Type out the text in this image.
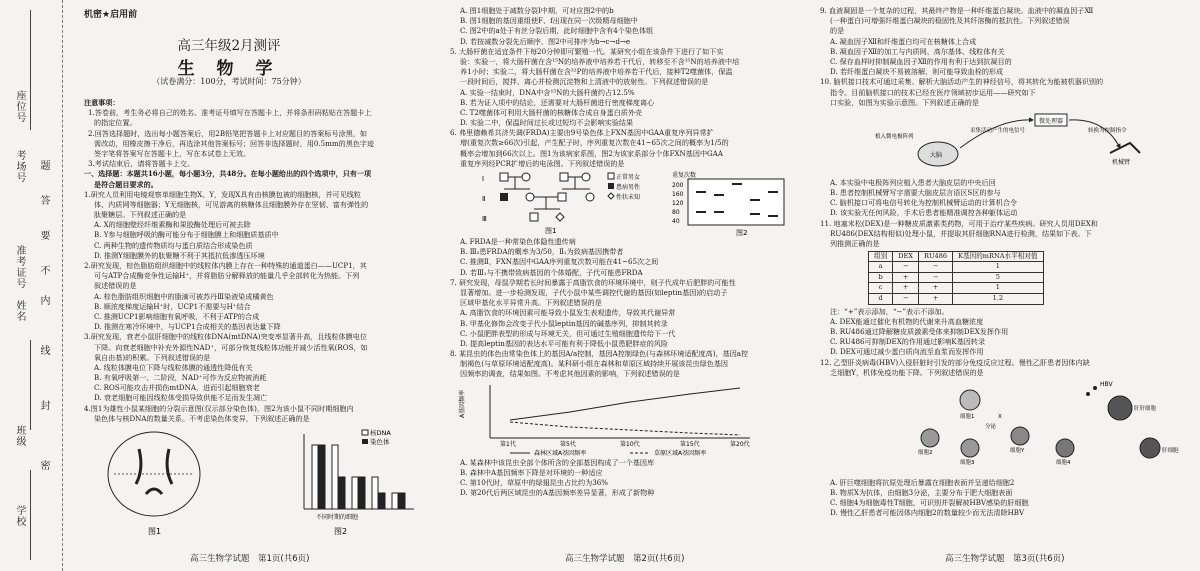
学校
班级
姓名
准考证号
考场号
座位号
密
封
线
内
不
要
答
题
机密★启用前
高三年级2月测评
生 物 学
（试卷满分：100分，考试时间：75分钟）

注意事项：

1.答卷前，考生务必将自己的姓名、准考证号填写在答题卡上，并将条形码粘贴在答题卡上

的指定位置。

2.回答选择题时，选出每小题答案后，用2B铅笔把答题卡上对应题目的答案标号涂黑，如

需改动，用橡皮擦干净后，再选涂其他答案标号；回答非选择题时，用0.5mm的黑色字迹

签字笔将答案写在答题卡上，写在本试卷上无效。

3.考试结束后，请将答题卡上交。

一、选择题：本题共16小题，每小题3分，共48分。在每小题给出的四个选项中，只有一项

是符合题目要求的。

1.研究人员利用电镜观察单细胞生物X、Y，发现X具有由核膜包被的细胞核，并可见线粒

体、内质网等细胞器；Y无细胞核，可见游离的核糖体且细胞膜外存在坚韧、富有弹性的

肽聚糖层。下列叙述正确的是

A. X的细胞壁经纤维素酶和果胶酶处理后可被去除

B. Y参与细胞呼吸的酶可能分布于细胞膜上和细胞质基质中

C. 两种生物的遗传物质均与蛋白质结合形成染色质

D. 推测Y细胞膜外的肽聚糖不利于其抵抗低渗透压环境

2.研究发现，棕色脂肪组织细胞中的线粒体内膜上存在一种特殊的通道蛋白——UCP1，其

可与ATP合成酶竞争性运输H⁺，并将脂肪分解释放的能量几乎全部转化为热能。下列

叙述错误的是

A. 棕色脂肪组织细胞中的脂滴可被苏丹Ⅲ染液染成橘黄色

B. 顺浓度梯度运输H⁺时，UCP1不需要与H⁺结合

C. 推测UCP1影响细胞有氧呼吸，不利于ATP的合成

D. 推测在寒冷环境中，与UCP1合成相关的基因表达量下降

3.研究发现，衰老小鼠肝细胞中的线粒体DNA(mtDNA)突变率显著升高，且线粒体膜电位

下降。向衰老细胞中补充外源性NAD⁺，可部分恢复线粒体功能并减少活性氧(ROS，如

氧自由基)的积累。下列叙述错误的是

A. 线粒体膜电位下降与线粒体膜的通透性降低有关

B. 有氧呼吸第一、二阶段，NAD⁺可作为反应物被消耗

C. ROS可能攻击并损伤mtDNA，进而引起细胞衰老

D. 衰老细胞可能因线粒体受损导致供能不足而发生凋亡

4.图1为雄性小鼠某细胞的分裂示意图(仅示部分染色体)，图2为该小鼠不同时期细胞内

染色体与核DNA的数量关系。不考虑染色体变异，下列叙述正确的是

图1
不同时期的细胞
图2
核DNA
染色体
高三生物学试题　第1页(共6页)

A. 图1细胞处于减数分裂Ⅰ中期，可对应图2中的b

B. 图1细胞的基因重组使F、f出现在同一次级精母细胞中

C. 图2中的a处于有丝分裂后期，此时细胞中含有4个染色体组

D. 若按减数分裂先后顺序，图2中可排序为b→c→d→e

5. 大肠杆菌在适宜条件下每20分钟即可繁殖一代。某研究小组在该条件下进行了如下实

验：实验一，将大肠杆菌在含¹⁵N的培养液中培养若干代后，转移至不含¹⁵N的培养液中培

养1小时；实验二，将大肠杆菌在含³²P的培养液中培养若干代后，接种T2噬菌体，保温

一段时间后，搅拌、离心并检测沉淀物和上清液中的放射性。下列叙述错误的是

A. 实验一结束时，DNA中含¹⁵N的大肠杆菌约占12.5%

B. 若为证入项中的结论，还需要对大肠杆菌进行密度梯度离心

C. T2噬菌体可利用大肠杆菌的核糖体合成自身蛋白质外壳

D. 实验二中，保温时间过长或过短均不会影响实验结果

6. 弗里德赖希共济失调(FRDA)主要由9号染色体上FXN基因中GAA重复序列异常扩

增(重复次数≥66次)引起，产生配子时，序列重复次数在41~65次之间的概率为1/5的

概率会增加到66次以上。图1为该病家系图，图2为该家系部分个体FXN基因中GAA

重复序列经PCR扩增后的电泳图。下列叙述错误的是

Ⅰ
Ⅱ
Ⅲ
正常男女
患病男性
性状未知
图1
重复次数
200
160
120
80
40
图2

A. FRDA是一种常染色体隐性遗传病

B. Ⅲ₂患FRDA的概率为3/50，Ⅱ₁为致病基因携带者

C. 推测Ⅱ，FXN基因中GAA序列重复次数可能在41~65次之间

D. 若Ⅲ₁与不携带致病基因的个体婚配，子代可能患FRDA

7. 研究发现，母鼠孕期若长时间暴露于高脂饮食的环境环境中，则子代成年后肥胖的可能性

显著增加。进一步检测发现，子代小鼠中某些调控代谢的基因(如leptin基因)的启动子

区域甲基化水平异常升高。下列叙述错误的是

A. 高脂饮食的环境因素可能导致小鼠发生表观遗传，导致其代谢异常

B. 甲基化修饰会改变子代小鼠leptin基因的碱基序列，抑制其转录

C. 小鼠肥胖表型的形成与环境无关，但可通过生殖细胞遗传给下一代

D. 提高leptin基因的表达水平可能有利于降低小鼠患肥胖症的风险

8. 某昆虫的体色由常染色体上的基因A/a控制，基因A控制绿色(与森林环境适配度高)，基因a控

制褐色(与草原环境适配度高)。某科研小组在森林和草原区域持续开展该昆虫绿色基因

因频率的调查，结果如图。不考虑其他因素的影响，下列叙述错误的是

A基因频率
第1代	第5代	第10代	第15代	第20代
森林区域A基因频率	草原区域A基因频率

A. 某森林中该昆虫全部个体所含的全部基因构成了一个基因库

B. 森林中A基因频率下降是对环境的一种适应

C. 第10代时，草原中的绿翅昆虫占比约为36%

D. 第20代后两区域昆虫的A基因频率差异显著，形成了新物种

高三生物学试题　第2页(共6页)

9. 血液凝固是一个复杂的过程，其最终产物是一种纤维蛋白凝块。血液中的凝血因子Ⅻ

(一种蛋白)可增强纤维蛋白凝块的稳固性及其纤溶酶的抵抗性。下列叙述错误

的是

A. 凝血因子Ⅻ和纤维蛋白均可在核糖体上合成

B. 凝血因子Ⅻ的加工与内质网、高尔基体、线粒体有关

C. 保存血样时抑制凝血因子Ⅻ的作用有利于达到抗凝目的

D. 若纤维蛋白凝块不易被溶解，则可能导致血栓的形成

10. 脑机接口技术可通过采集、解析大脑活动产生的神经信号，将其转化为能被机器识别的

指令。目前脑机接口的技术已经在医疗领域初步运用——研究如下

口实验，如图为实验示意图。下列叙述正确的是

大脑
植入微电极阵列
采集活动产生的电信号
微处理器
转换为控制指令
机械臂

A. 本实验中电极阵列应植入患者大脑皮层的中央后回

B. 患者控制机械臂写字需要大脑皮层言语区S区的参与

C. 脑机接口可将电信号转化为控制机械臂运动的计算机合令

D. 该实验无任何风险，手术后患者能精准调控各种躯体运动

11. 地塞米松(DEX)是一种糖皮质激素类药物，可用于治疗某些疾病。研究人员用DEX和

RU486(DEX结构相似)处理小鼠，并提取其肝细胞RNA进行检测，结果如下表。下

列推测正确的是

组别	DEX	RU486	K基因的mRNA水平相对值
a	−	−	1
b	+	−	5
c	+	+	1
d	−	+	1.2

注：“+”表示添加，“−”表示不添加。

A. DEX能通过催化有机物的代谢来升高血糖浓度

B. RU486通过降解糖皮质激素受体来抑制DEX发挥作用

C. RU486可抑制DEX的作用通过影响K基因转录

D. DEX可通过减少蛋白质向流至血浆而发挥作用

12. 乙型肝炎病毒(HBV)入侵肝脏时引发的部分免疫反应过程。慢性乙肝患者因体内缺

乏细胞Y，机体免疫功能下降。下列叙述错误的是

细胞1
细胞2
细胞3
细胞Y
细胞4
X
分泌
肝肝细胞
肝细胞
HBV

A. 肝巨噬细胞将抗原处理后暴露在细胞表面并呈递给细胞2

B. 物质X为抗体，由细胞3分泌，主要分布于肥大细胞表面

C. 细胞4为细胞毒性T细胞，可识别并裂解被HBV感染的肝细胞

D. 慢性乙肝患者可能因体内细胞2的数量较少而无法清除HBV

高三生物学试题　第3页(共6页)
